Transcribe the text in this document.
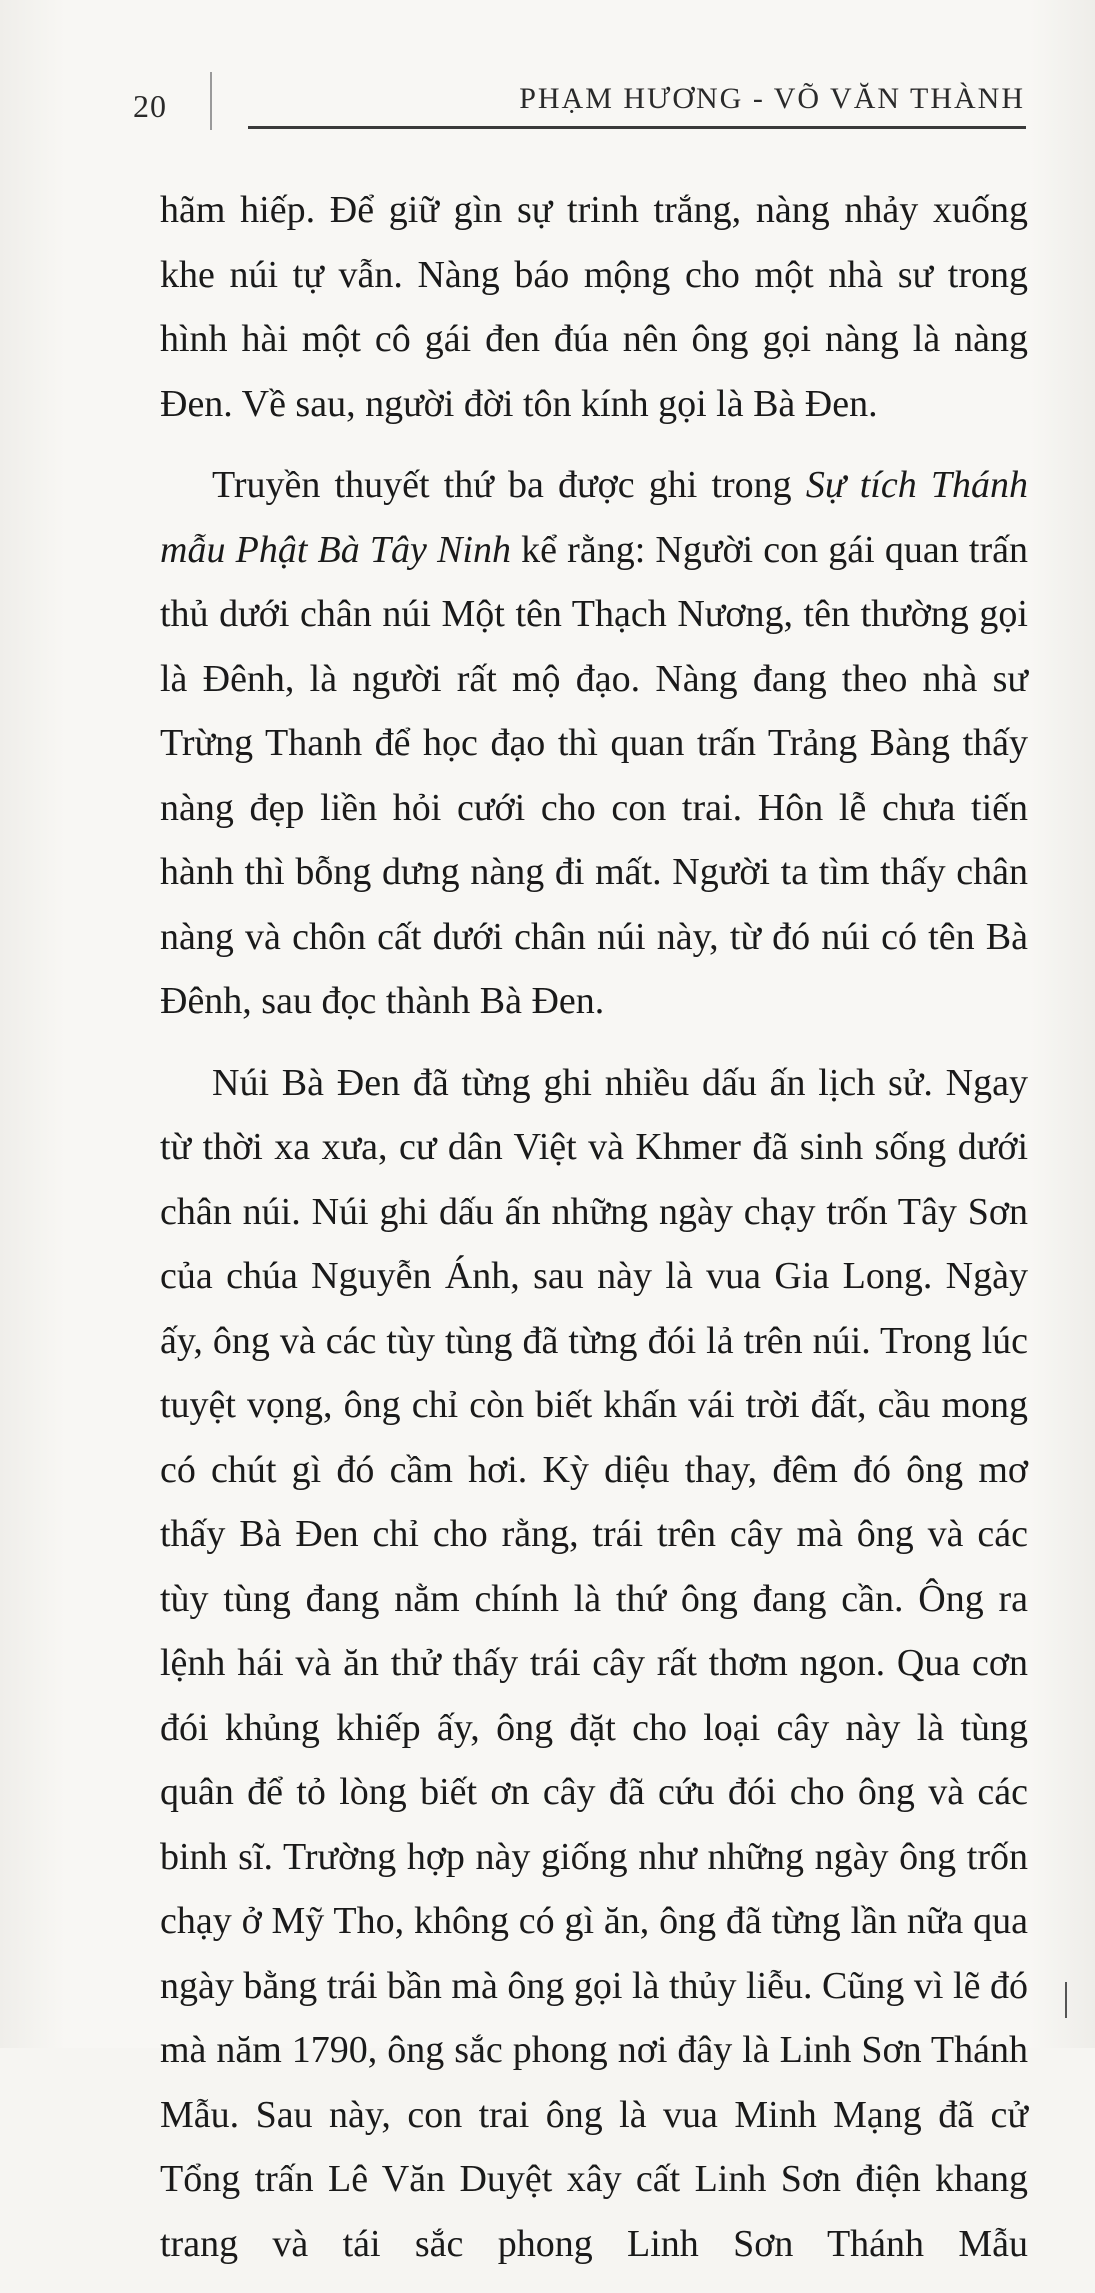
20	PHẠM HƯƠNG - VÕ VĂN THÀNH

hãm hiếp. Để giữ gìn sự trinh trắng, nàng nhảy xuống khe núi tự vẫn. Nàng báo mộng cho một nhà sư trong hình hài một cô gái đen đúa nên ông gọi nàng là nàng Đen. Về sau, người đời tôn kính gọi là Bà Đen.

Truyền thuyết thứ ba được ghi trong Sự tích Thánh mẫu Phật Bà Tây Ninh kể rằng: Người con gái quan trấn thủ dưới chân núi Một tên Thạch Nương, tên thường gọi là Đênh, là người rất mộ đạo. Nàng đang theo nhà sư Trừng Thanh để học đạo thì quan trấn Trảng Bàng thấy nàng đẹp liền hỏi cưới cho con trai. Hôn lễ chưa tiến hành thì bỗng dưng nàng đi mất. Người ta tìm thấy chân nàng và chôn cất dưới chân núi này, từ đó núi có tên Bà Đênh, sau đọc thành Bà Đen.

Núi Bà Đen đã từng ghi nhiều dấu ấn lịch sử. Ngay từ thời xa xưa, cư dân Việt và Khmer đã sinh sống dưới chân núi. Núi ghi dấu ấn những ngày chạy trốn Tây Sơn của chúa Nguyễn Ánh, sau này là vua Gia Long. Ngày ấy, ông và các tùy tùng đã từng đói lả trên núi. Trong lúc tuyệt vọng, ông chỉ còn biết khấn vái trời đất, cầu mong có chút gì đó cầm hơi. Kỳ diệu thay, đêm đó ông mơ thấy Bà Đen chỉ cho rằng, trái trên cây mà ông và các tùy tùng đang nằm chính là thứ ông đang cần. Ông ra lệnh hái và ăn thử thấy trái cây rất thơm ngon. Qua cơn đói khủng khiếp ấy, ông đặt cho loại cây này là tùng quân để tỏ lòng biết ơn cây đã cứu đói cho ông và các binh sĩ. Trường hợp này giống như những ngày ông trốn chạy ở Mỹ Tho, không có gì ăn, ông đã từng lần nữa qua ngày bằng trái bần mà ông gọi là thủy liễu. Cũng vì lẽ đó mà năm 1790, ông sắc phong nơi đây là Linh Sơn Thánh Mẫu. Sau này, con trai ông là vua Minh Mạng đã cử Tổng trấn Lê Văn Duyệt xây cất Linh Sơn điện khang trang và tái sắc phong Linh Sơn Thánh Mẫu
